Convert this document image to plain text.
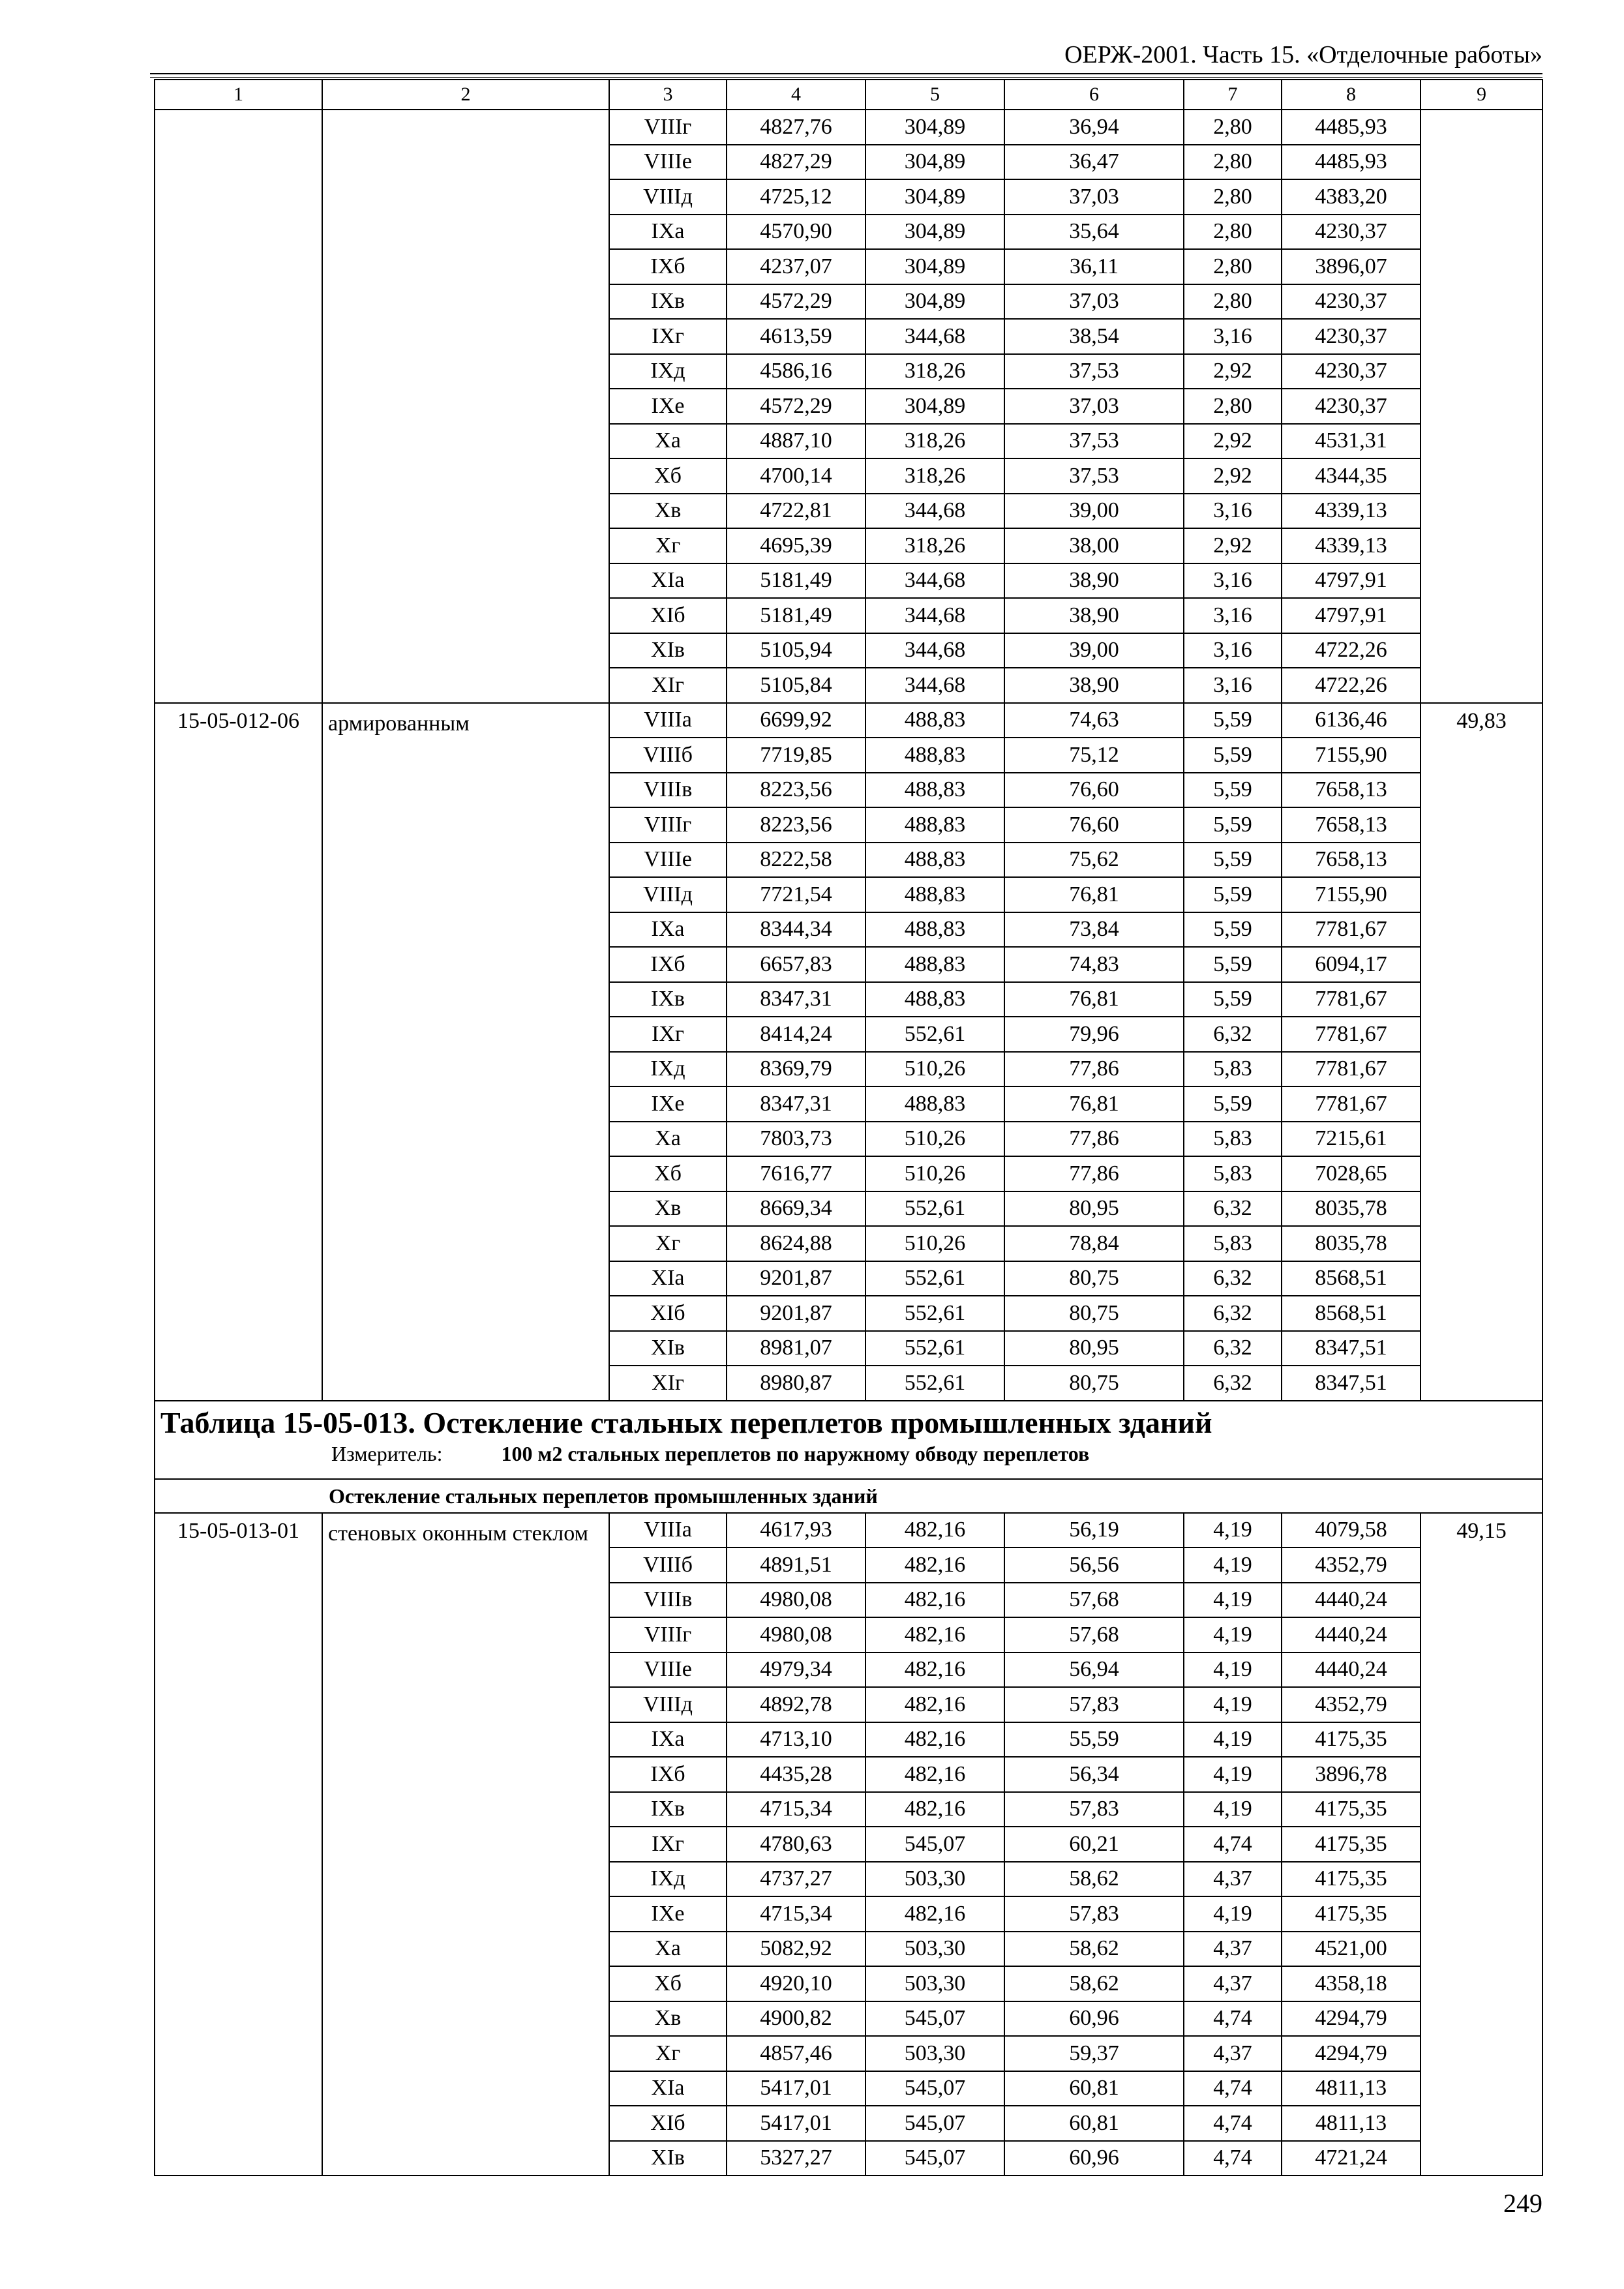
ОЕРЖ-2001. Часть 15. «Отделочные работы»
1	2	3	4	5	6	7	8	9
		VIIIг	4827,76	304,89	36,94	2,80	4485,93	
		VIIIе	4827,29	304,89	36,47	2,80	4485,93	
		VIIIд	4725,12	304,89	37,03	2,80	4383,20	
		IXa	4570,90	304,89	35,64	2,80	4230,37	
		IXб	4237,07	304,89	36,11	2,80	3896,07	
		IXв	4572,29	304,89	37,03	2,80	4230,37	
		IXг	4613,59	344,68	38,54	3,16	4230,37	
		IXд	4586,16	318,26	37,53	2,92	4230,37	
		IXе	4572,29	304,89	37,03	2,80	4230,37	
		Xa	4887,10	318,26	37,53	2,92	4531,31	
		Xб	4700,14	318,26	37,53	2,92	4344,35	
		Xв	4722,81	344,68	39,00	3,16	4339,13	
		Xг	4695,39	318,26	38,00	2,92	4339,13	
		XIa	5181,49	344,68	38,90	3,16	4797,91	
		XIб	5181,49	344,68	38,90	3,16	4797,91	
		XIв	5105,94	344,68	39,00	3,16	4722,26	
		XIг	5105,84	344,68	38,90	3,16	4722,26	
15-05-012-06	армированным	VIIIa	6699,92	488,83	74,63	5,59	6136,46	49,83
		VIIIб	7719,85	488,83	75,12	5,59	7155,90	
		VIIIв	8223,56	488,83	76,60	5,59	7658,13	
		VIIIг	8223,56	488,83	76,60	5,59	7658,13	
		VIIIе	8222,58	488,83	75,62	5,59	7658,13	
		VIIIд	7721,54	488,83	76,81	5,59	7155,90	
		IXa	8344,34	488,83	73,84	5,59	7781,67	
		IXб	6657,83	488,83	74,83	5,59	6094,17	
		IXв	8347,31	488,83	76,81	5,59	7781,67	
		IXг	8414,24	552,61	79,96	6,32	7781,67	
		IXд	8369,79	510,26	77,86	5,83	7781,67	
		IXе	8347,31	488,83	76,81	5,59	7781,67	
		Xa	7803,73	510,26	77,86	5,83	7215,61	
		Xб	7616,77	510,26	77,86	5,83	7028,65	
		Xв	8669,34	552,61	80,95	6,32	8035,78	
		Xг	8624,88	510,26	78,84	5,83	8035,78	
		XIa	9201,87	552,61	80,75	6,32	8568,51	
		XIб	9201,87	552,61	80,75	6,32	8568,51	
		XIв	8981,07	552,61	80,95	6,32	8347,51	
		XIг	8980,87	552,61	80,75	6,32	8347,51	

Таблица 15-05-013. Остекление стальных переплетов промышленных зданий
Измеритель: 100 м2 стальных переплетов по наружному обводу переплетов								

Остекление стальных переплетов промышленных зданий								
15-05-013-01	стеновых оконным стеклом	VIIIa	4617,93	482,16	56,19	4,19	4079,58	49,15
		VIIIб	4891,51	482,16	56,56	4,19	4352,79	
		VIIIв	4980,08	482,16	57,68	4,19	4440,24	
		VIIIг	4980,08	482,16	57,68	4,19	4440,24	
		VIIIе	4979,34	482,16	56,94	4,19	4440,24	
		VIIIд	4892,78	482,16	57,83	4,19	4352,79	
		IXa	4713,10	482,16	55,59	4,19	4175,35	
		IXб	4435,28	482,16	56,34	4,19	3896,78	
		IXв	4715,34	482,16	57,83	4,19	4175,35	
		IXг	4780,63	545,07	60,21	4,74	4175,35	
		IXд	4737,27	503,30	58,62	4,37	4175,35	
		IXе	4715,34	482,16	57,83	4,19	4175,35	
		Xa	5082,92	503,30	58,62	4,37	4521,00	
		Xб	4920,10	503,30	58,62	4,37	4358,18	
		Xв	4900,82	545,07	60,96	4,74	4294,79	
		Xг	4857,46	503,30	59,37	4,37	4294,79	
		XIa	5417,01	545,07	60,81	4,74	4811,13	
		XIб	5417,01	545,07	60,81	4,74	4811,13	
		XIв	5327,27	545,07	60,96	4,74	4721,24	
249
